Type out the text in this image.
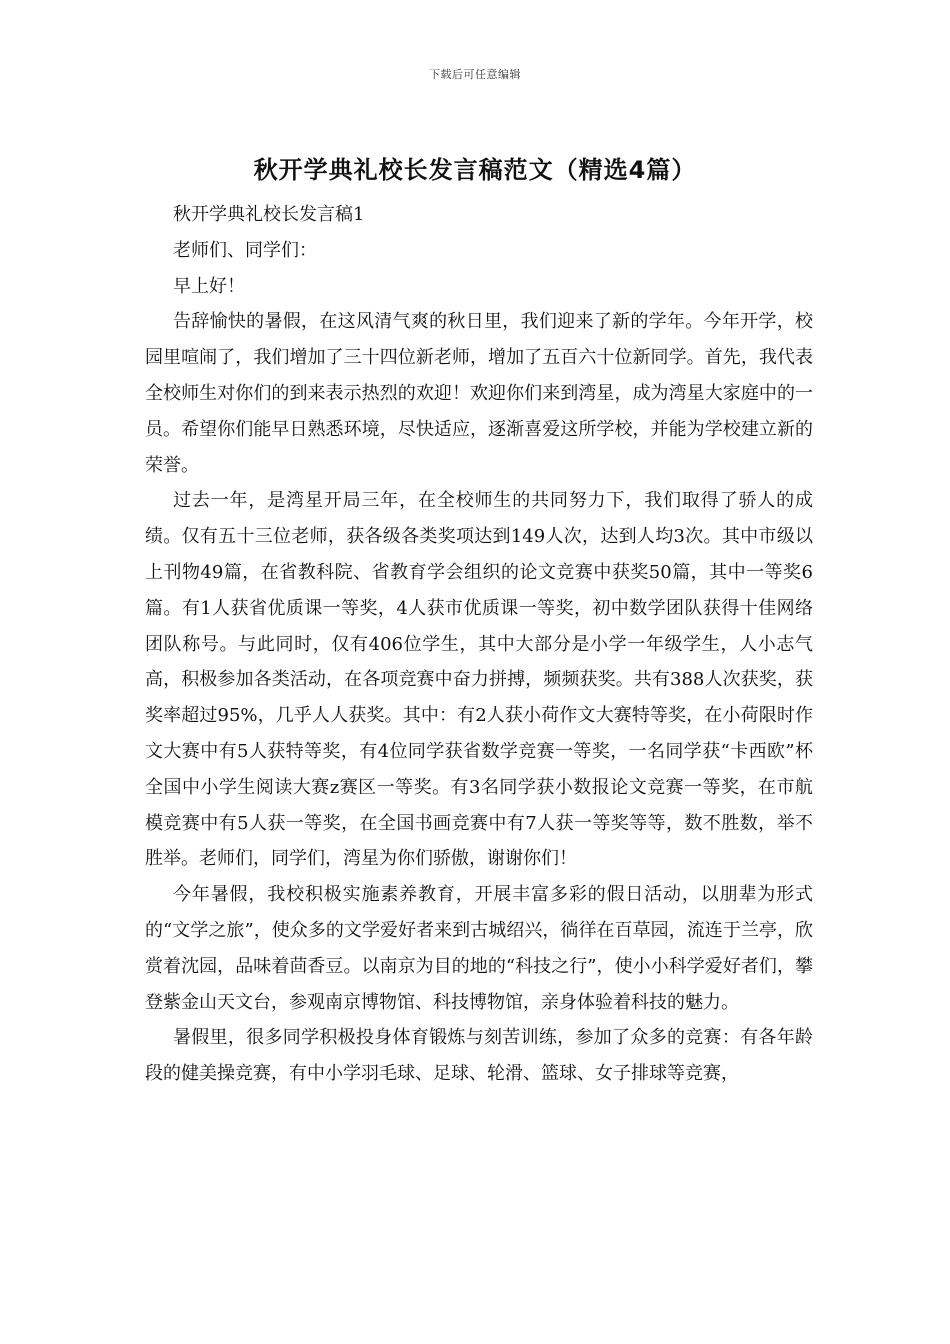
下载后可任意编辑
秋开学典礼校长发言稿范文（精选4篇）

秋开学典礼校长发言稿1

老师们、同学们：

早上好！

告辞愉快的暑假，在这风清气爽的秋日里，我们迎来了新的学年。今年开学，校园里喧闹了，我们增加了三十四位新老师，增加了五百六十位新同学。首先，我代表全校师生对你们的到来表示热烈的欢迎！欢迎你们来到湾星，成为湾星大家庭中的一员。希望你们能早日熟悉环境，尽快适应，逐渐喜爱这所学校，并能为学校建立新的荣誉。

过去一年，是湾星开局三年，在全校师生的共同努力下，我们取得了骄人的成绩。仅有五十三位老师，获各级各类奖项达到149人次，达到人均3次。其中市级以上刊物49篇，在省教科院、省教育学会组织的论文竞赛中获奖50篇，其中一等奖6篇。有1人获省优质课一等奖，4人获市优质课一等奖，初中数学团队获得十佳网络团队称号。与此同时，仅有406位学生，其中大部分是小学一年级学生，人小志气高，积极参加各类活动，在各项竞赛中奋力拼搏，频频获奖。共有388人次获奖，获奖率超过95%，几乎人人获奖。其中：有2人获小荷作文大赛特等奖，在小荷限时作文大赛中有5人获特等奖，有4位同学获省数学竞赛一等奖，一名同学获“卡西欧”杯全国中小学生阅读大赛z赛区一等奖。有3名同学获小数报论文竞赛一等奖，在市航模竞赛中有5人获一等奖，在全国书画竞赛中有7人获一等奖等等，数不胜数，举不胜举。老师们，同学们，湾星为你们骄傲，谢谢你们！

今年暑假，我校积极实施素养教育，开展丰富多彩的假日活动，以朋辈为形式的“文学之旅”，使众多的文学爱好者来到古城绍兴，徜徉在百草园，流连于兰亭，欣赏着沈园，品味着茴香豆。以南京为目的地的“科技之行”，使小小科学爱好者们，攀登紫金山天文台，参观南京博物馆、科技博物馆，亲身体验着科技的魅力。

暑假里，很多同学积极投身体育锻炼与刻苦训练，参加了众多的竞赛：有各年龄段的健美操竞赛，有中小学羽毛球、足球、轮滑、篮球、女子排球等竞赛，
